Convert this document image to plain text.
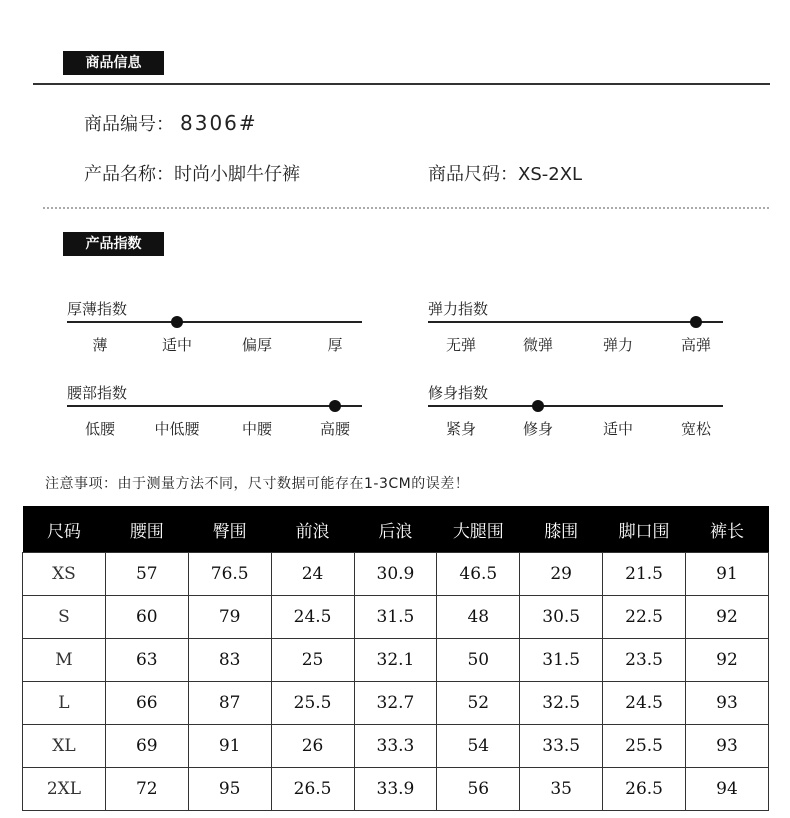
商品信息
商品编号： 8306#
产品名称：时尚小脚牛仔裤	商品尺码：XS-2XL
产品指数
厚薄指数
薄	适中	偏厚	厚
弹力指数
无弹	微弹	弹力	高弹
腰部指数
低腰	中低腰	中腰	高腰
修身指数
紧身	修身	适中	宽松
注意事项：由于测量方法不同，尺寸数据可能存在1-3CM的误差！
尺码	腰围	臀围	前浪	后浪	大腿围	膝围	脚口围	裤长
XS	57	76.5	24	30.9	46.5	29	21.5	91
S	60	79	24.5	31.5	48	30.5	22.5	92
M	63	83	25	32.1	50	31.5	23.5	92
L	66	87	25.5	32.7	52	32.5	24.5	93
XL	69	91	26	33.3	54	33.5	25.5	93
2XL	72	95	26.5	33.9	56	35	26.5	94
